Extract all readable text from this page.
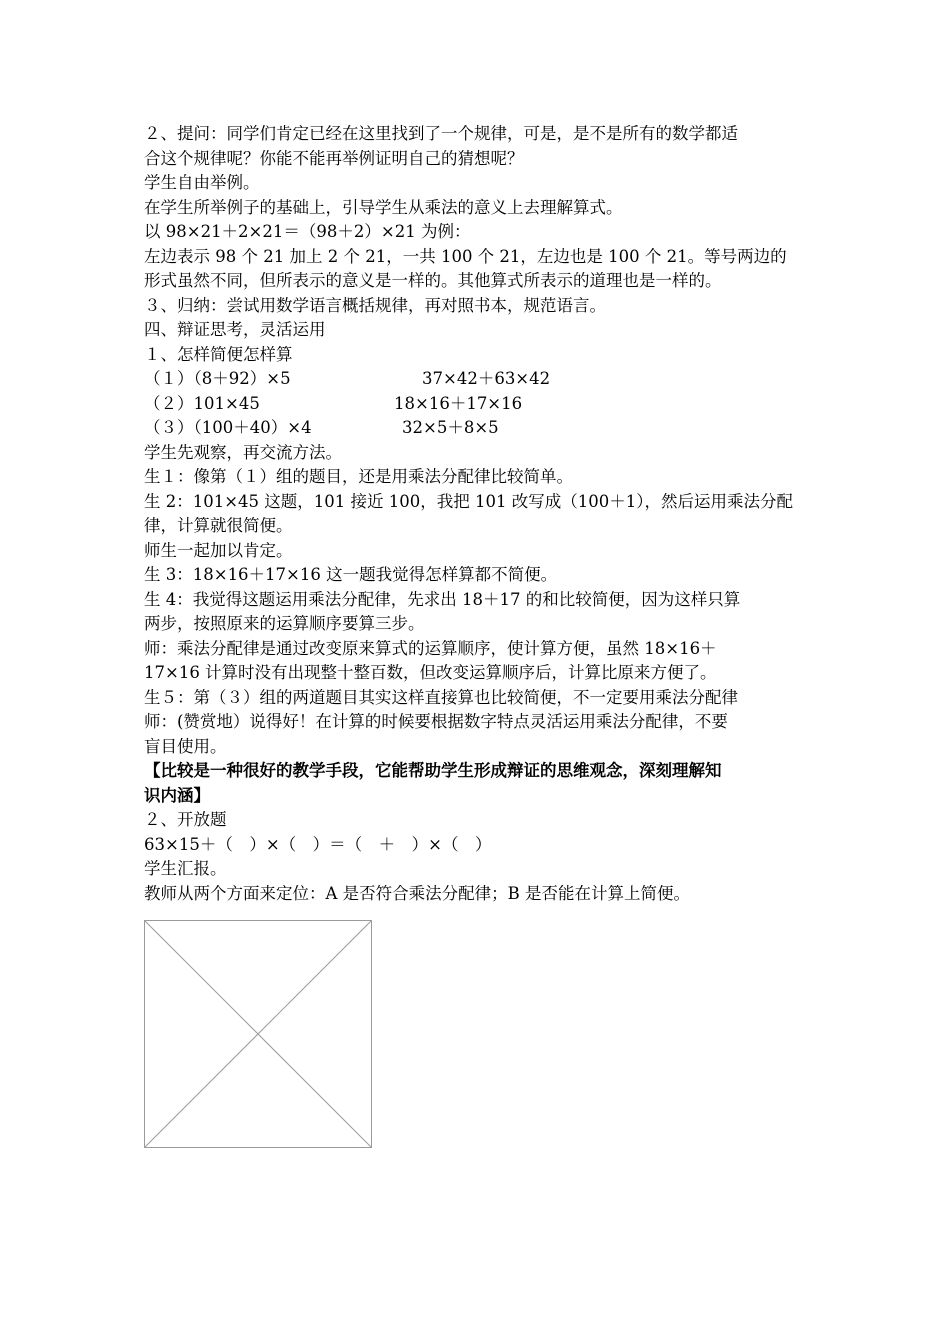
２、提问：同学们肯定已经在这里找到了一个规律，可是，是不是所有的数学都适
合这个规律呢？你能不能再举例证明自己的猜想呢？
学生自由举例。
在学生所举例子的基础上，引导学生从乘法的意义上去理解算式。
以 98×21＋2×21＝（98＋2）×21 为例：
左边表示 98 个 21 加上 2 个 21，一共 100 个 21，左边也是 100 个 21。等号两边的
形式虽然不同，但所表示的意义是一样的。其他算式所表示的道理也是一样的。
３、归纳：尝试用数学语言概括规律，再对照书本，规范语言。
四、辩证思考，灵活运用
１、怎样简便怎样算
（１）（8＋92）×5	37×42＋63×42
（２）101×45	18×16＋17×16
（３）（100＋40）×4	32×5＋8×5
学生先观察，再交流方法。
生１：像第（１）组的题目，还是用乘法分配律比较简单。
生 2：101×45 这题，101 接近 100，我把 101 改写成（100＋1），然后运用乘法分配
律，计算就很简便。
师生一起加以肯定。
生 3：18×16＋17×16 这一题我觉得怎样算都不简便。
生 4：我觉得这题运用乘法分配律，先求出 18＋17 的和比较简便，因为这样只算
两步，按照原来的运算顺序要算三步。
师：乘法分配律是通过改变原来算式的运算顺序，使计算方便，虽然 18×16＋
17×16 计算时没有出现整十整百数，但改变运算顺序后，计算比原来方便了。
生５：第（３）组的两道题目其实这样直接算也比较简便，不一定要用乘法分配律
师：(赞赏地）说得好！在计算的时候要根据数字特点灵活运用乘法分配律，不要
盲目使用。
【比较是一种很好的教学手段，它能帮助学生形成辩证的思维观念，深刻理解知
识内涵】
２、开放题
63×15＋（　）×（　）＝（　＋　）×（　）
学生汇报。
教师从两个方面来定位：A 是否符合乘法分配律；B 是否能在计算上简便。
